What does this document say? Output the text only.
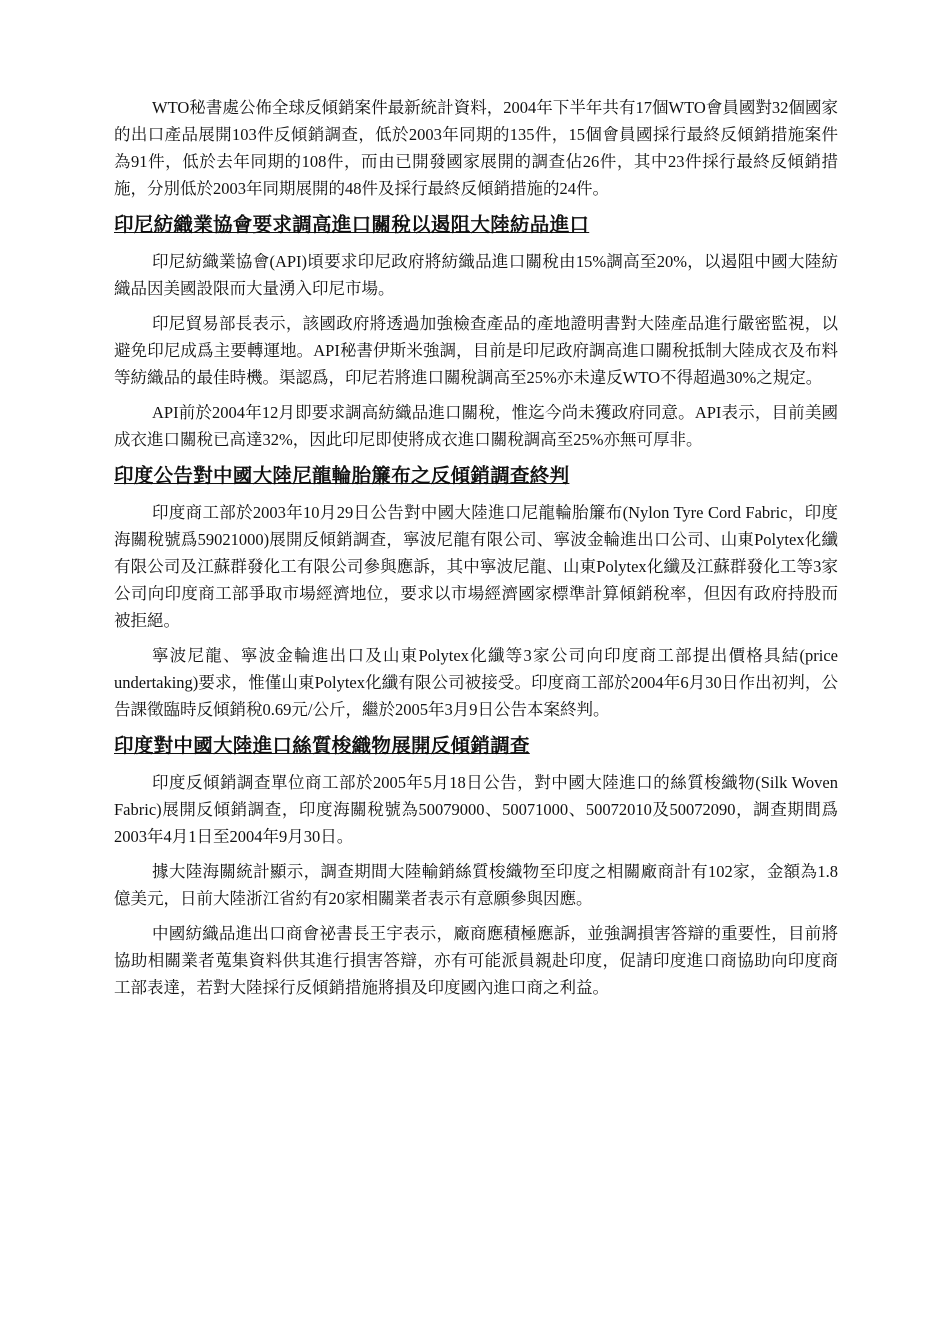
WTO秘書處公佈全球反傾銷案件最新統計資料，2004年下半年共有17個WTO會員國對32個國家的出口產品展開103件反傾銷調查，低於2003年同期的135件，15個會員國採行最終反傾銷措施案件為91件，低於去年同期的108件，而由已開發國家展開的調查佔26件，其中23件採行最終反傾銷措施，分別低於2003年同期展開的48件及採行最終反傾銷措施的24件。

印尼紡織業協會要求調高進口關稅以遏阻大陸紡品進口

印尼紡織業協會(API)頃要求印尼政府將紡織品進口關稅由15%調高至20%，以遏阻中國大陸紡織品因美國設限而大量湧入印尼市場。

印尼貿易部長表示，該國政府將透過加強檢查產品的產地證明書對大陸產品進行嚴密監視，以避免印尼成爲主要轉運地。API秘書伊斯米強調，目前是印尼政府調高進口關稅抵制大陸成衣及布料等紡織品的最佳時機。渠認爲，印尼若將進口關稅調高至25%亦未違反WTO不得超過30%之規定。

API前於2004年12月即要求調高紡織品進口關稅，惟迄今尚未獲政府同意。API表示，目前美國成衣進口關稅已高達32%，因此印尼即使將成衣進口關稅調高至25%亦無可厚非。

印度公告對中國大陸尼龍輪胎簾布之反傾銷調查終判

印度商工部於2003年10月29日公告對中國大陸進口尼龍輪胎簾布(Nylon Tyre Cord Fabric，印度海關稅號爲59021000)展開反傾銷調查，寧波尼龍有限公司、寧波金輪進出口公司、山東Polytex化纖有限公司及江蘇群發化工有限公司參與應訴，其中寧波尼龍、山東Polytex化纖及江蘇群發化工等3家公司向印度商工部爭取市場經濟地位，要求以市場經濟國家標準計算傾銷稅率，但因有政府持股而被拒絕。

寧波尼龍、寧波金輪進出口及山東Polytex化纖等3家公司向印度商工部提出價格具結(price undertaking)要求，惟僅山東Polytex化纖有限公司被接受。印度商工部於2004年6月30日作出初判，公告課徵臨時反傾銷稅0.69元/公斤，繼於2005年3月9日公告本案終判。

印度對中國大陸進口絲質梭織物展開反傾銷調查

印度反傾銷調查單位商工部於2005年5月18日公告，對中國大陸進口的絲質梭織物(Silk Woven Fabric)展開反傾銷調查，印度海關稅號為50079000、50071000、50072010及50072090，調查期間爲2003年4月1日至2004年9月30日。

據大陸海關統計顯示，調查期間大陸輸銷絲質梭織物至印度之相關廠商計有102家，金額為1.8億美元，日前大陸浙江省約有20家相關業者表示有意願參與因應。

中國紡織品進出口商會祕書長王宇表示，廠商應積極應訴，並強調損害答辯的重要性，目前將協助相關業者蒐集資料供其進行損害答辯，亦有可能派員親赴印度，促請印度進口商協助向印度商工部表達，若對大陸採行反傾銷措施將損及印度國內進口商之利益。
